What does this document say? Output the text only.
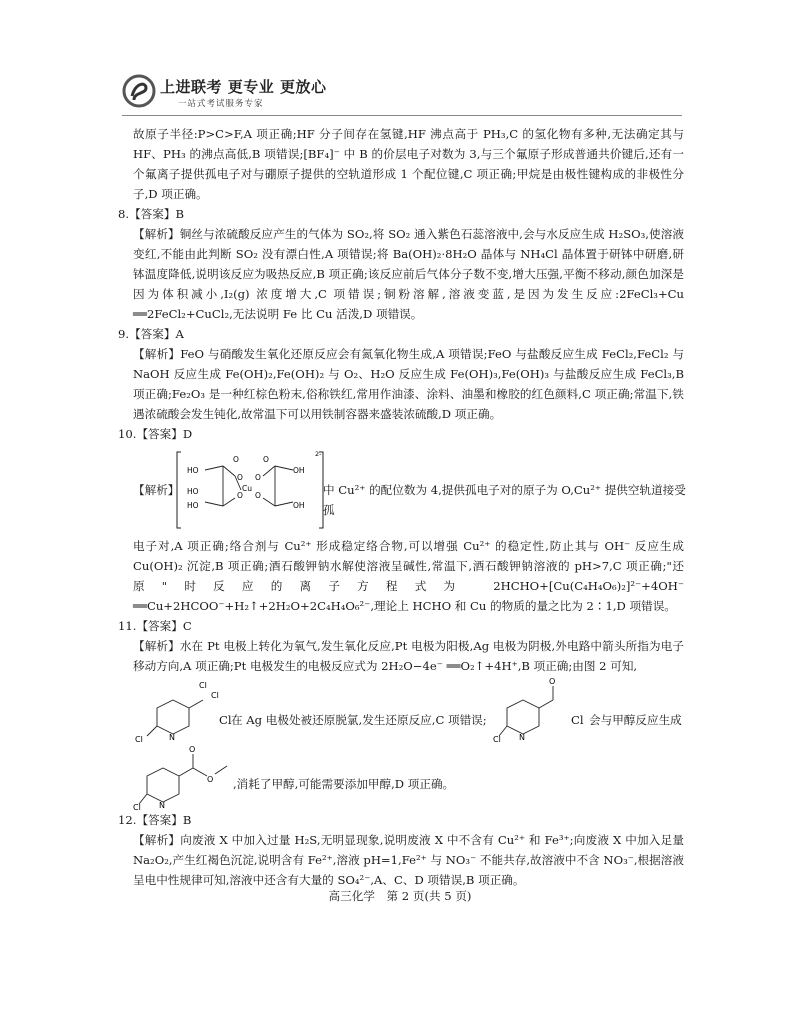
上进联考 更专业 更放心
一站式考试服务专家

故原子半径:P>C>F,A 项正确;HF 分子间存在氢键,HF 沸点高于 PH₃,C 的氢化物有多种,无法确定其与 HF、PH₃ 的沸点高低,B 项错误;[BF₄]⁻ 中 B 的价层电子对数为 3,与三个氟原子形成普通共价键后,还有一个氟离子提供孤电子对与硼原子提供的空轨道形成 1 个配位键,C 项正确;甲烷是由极性键构成的非极性分子,D 项正确。

8.【答案】B

【解析】铜丝与浓硫酸反应产生的气体为 SO₂,将 SO₂ 通入紫色石蕊溶液中,会与水反应生成 H₂SO₃,使溶液变红,不能由此判断 SO₂ 没有漂白性,A 项错误;将 Ba(OH)₂·8H₂O 晶体与 NH₄Cl 晶体置于研钵中研磨,研钵温度降低,说明该反应为吸热反应,B 项正确;该反应前后气体分子数不变,增大压强,平衡不移动,颜色加深是因为体积减小,I₂(g) 浓度增大,C 项错误;铜粉溶解,溶液变蓝,是因为发生反应:2FeCl₃+Cu ══2FeCl₂+CuCl₂,无法说明 Fe 比 Cu 活泼,D 项错误。

9.【答案】A

【解析】FeO 与硝酸发生氧化还原反应会有氮氧化物生成,A 项错误;FeO 与盐酸反应生成 FeCl₂,FeCl₂ 与 NaOH 反应生成 Fe(OH)₂,Fe(OH)₂ 与 O₂、H₂O 反应生成 Fe(OH)₃,Fe(OH)₃ 与盐酸反应生成 FeCl₃,B 项正确;Fe₂O₃ 是一种红棕色粉末,俗称铁红,常用作油漆、涂料、油墨和橡胶的红色颜料,C 项正确;常温下,铁遇浓硫酸会发生钝化,故常温下可以用铁制容器来盛装浓硫酸,D 项正确。

10.【答案】D

【解析】
2-
HO
O
O
HO
HO
O
Cu
O
O
OH
O
OH
中 Cu²⁺ 的配位数为 4,提供孤电子对的原子为 O,Cu²⁺ 提供空轨道接受孤

电子对,A 项正确;络合剂与 Cu²⁺ 形成稳定络合物,可以增强 Cu²⁺ 的稳定性,防止其与 OH⁻ 反应生成 Cu(OH)₂ 沉淀,B 项正确;酒石酸钾钠水解使溶液呈碱性,常温下,酒石酸钾钠溶液的 pH>7,C 项正确;"还原"时反应的离子方程式为 2HCHO+[Cu(C₄H₄O₆)₂]²⁻+4OH⁻ ══Cu+2HCOO⁻+H₂↑+2H₂O+2C₄H₄O₆²⁻,理论上 HCHO 和 Cu 的物质的量之比为 2∶1,D 项错误。

11.【答案】C

【解析】水在 Pt 电极上转化为氧气,发生氧化反应,Pt 电极为阳极,Ag 电极为阴极,外电路中箭头所指为电子移动方向,A 项正确;Pt 电极发生的电极反应式为 2H₂O−4e⁻ ══O₂↑+4H⁺,B 项正确;由图 2 可知,

Cl
Cl
Cl	N
Cl 在 Ag 电极处被还原脱氯,发生还原反应,C 项错误;
O
Cl N
Cl 会与甲醇反应生成
O
O
Cl N
,消耗了甲醇,可能需要添加甲醇,D 项正确。

12.【答案】B

【解析】向废液 X 中加入过量 H₂S,无明显现象,说明废液 X 中不含有 Cu²⁺ 和 Fe³⁺;向废液 X 中加入足量 Na₂O₂,产生红褐色沉淀,说明含有 Fe²⁺,溶液 pH=1,Fe²⁺ 与 NO₃⁻ 不能共存,故溶液中不含 NO₃⁻,根据溶液呈电中性规律可知,溶液中还含有大量的 SO₄²⁻,A、C、D 项错误,B 项正确。

高三化学　第 2 页(共 5 页)
